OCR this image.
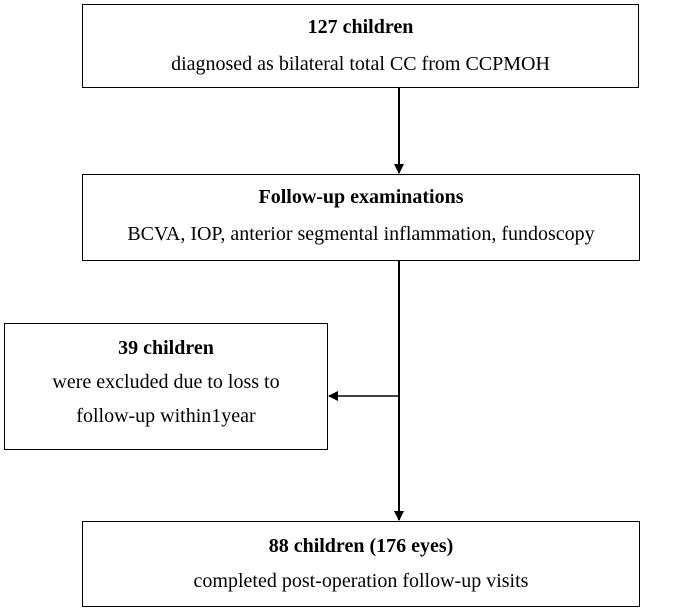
127 children
diagnosed as bilateral total CC from CCPMOH
Follow-up examinations
BCVA, IOP, anterior segmental inflammation, fundoscopy
39 children
were excluded due to loss to
follow-up within1year
88 children (176 eyes)
completed post-operation follow-up visits
